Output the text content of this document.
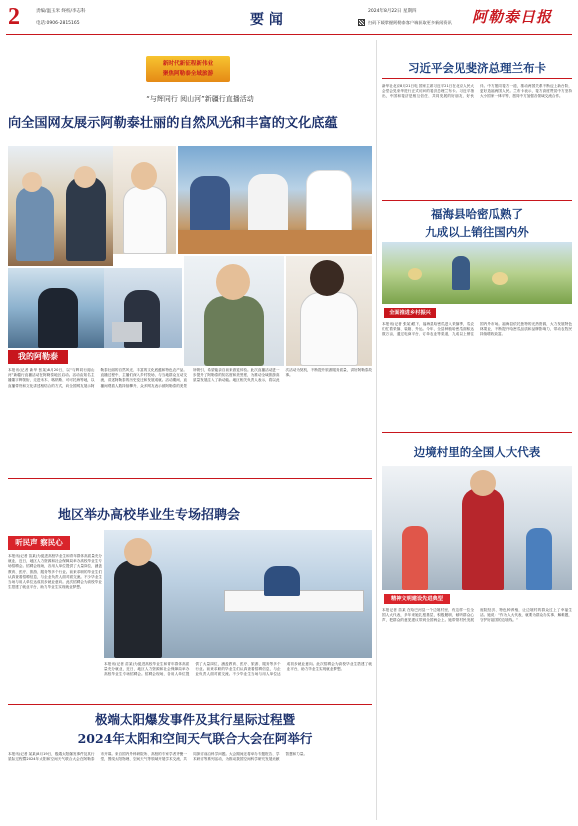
2	责编/温玉米 终校/李志科
电话:0906-2815165	要 闻
2024年8月22日 星期四
扫码下载掌握阿勒泰客户端获取更多新闻资讯 阿勒泰日报
新时代新征程新伟业
聚焦阿勒泰全域旅游
“与辉同行 阅山河”新疆行直播活动
向全国网友展示阿勒泰壮丽的自然风光和丰富的文化底蕴
我的阿勒泰
本报讯(记者 新华 张某)8月20日，以“与辉同行阅山河”新疆行直播活动在阿勒泰地区启动。活动由知名主播董宇辉领衔，走进禾木、喀纳斯、可可托海等地，以直播带货和文化讲述相结合的方式，向全国网友展示阿勒泰壮丽的自然风光、丰富的文化底蕴和特色农产品。直播过程中，主播们深入乡村牧场，与当地群众互动交流，讲述阿勒泰的历史变迁和发展成就。活动期间，直播间观看人数持续攀升，众多网友表示被阿勒泰的美景所吸引，希望能亲自前来游览体验。此次直播活动进一步提升了阿勒泰的知名度和美誉度，为推动全域旅游高质量发展注入了新动能。地区相关负责人表示，将以此次活动为契机，不断提升旅游服务质量，讲好阿勒泰故事。
地区举办高校毕业生专场招聘会
听民声 察民心
本报讯(记者 苗某)为促进高校毕业生和青年群体高质量充分就业，近日，地区人力资源和社会保障局举办高校毕业生专场招聘会。招聘会现场，各用人单位提供了大量岗位，涵盖教育、医疗、旅游、服务等多个行业。前来求职的毕业生们认真查看招聘信息，与企业负责人面对面交流。不少毕业生当场与用人单位达成初步就业意向。此次招聘会为高校毕业生搭建了就业平台，助力毕业生实现就业梦想。
本报讯(记者 苗某)为促进高校毕业生和青年群体高质量充分就业，近日，地区人力资源和社会保障局举办高校毕业生专场招聘会。招聘会现场，各用人单位提供了大量岗位，涵盖教育、医疗、旅游、服务等多个行业。前来求职的毕业生们认真查看招聘信息，与企业负责人面对面交流。不少毕业生当场与用人单位达成初步就业意向。此次招聘会为高校毕业生搭建了就业平台，助力毕业生实现就业梦想。
极端太阳爆发事件及其行星际过程暨
2024年太阳和空间天气联合大会在阿举行
本报讯(记者 某某)8月19日，极端太阳爆发事件及其行星际过程暨2024年太阳和空间天气联合大会在阿勒泰市开幕。来自国内外科研院所、高校的专家学者齐聚一堂，围绕太阳物理、空间天气等领域开展学术交流，共同探讨前沿科学问题。大会期间还将举办专题报告、学术研讨等系列活动，为推动我国空间科学研究发展贡献智慧和力量。
习近平会见斐济总理兰布卡
新华社北京8月21日电 国家主席习近平21日在北京人民大会堂会见来华进行正式访问的斐济总理兰布卡。习近平指出，中国和斐济是相互信任、共同发展的好朋友、好伙伴。中方愿同斐方一道，推动两国关系不断迈上新台阶，更好造福两国人民。兰布卡表示，斐方高度赞赏中方坚持大小国家一律平等，愿同中方加强各领域交流合作。
福海县哈密瓜熟了
九成以上销往国内外
全面推进乡村振兴
本报讯(记者 张某)眼下，福海县哈密瓜进入采摘季，瓜农们忙着采摘、装箱、外运。今年，全县种植哈密瓜面积达数万亩，通过电商平台、订单农业等渠道，九成以上销往国内外市场。福海县依托独特的光热资源，大力发展特色林果业，不断提升哈密瓜品质和品牌影响力，带动农牧民持续增收致富。
边境村里的全国人大代表
精神文明建设先进典型
本报记者 苗某 在哈巴河县一个边境村里，有这样一位全国人大代表，多年来她扎根基层，积极履职，倾听群众心声，把群众的意见建议带到全国两会上。她带领村民发展庭院经济、特色种养殖，让边境村的群众过上了幸福生活。她说：“作为人大代表，就要为群众办实事、解难题，守护好祖国的边境线。”
